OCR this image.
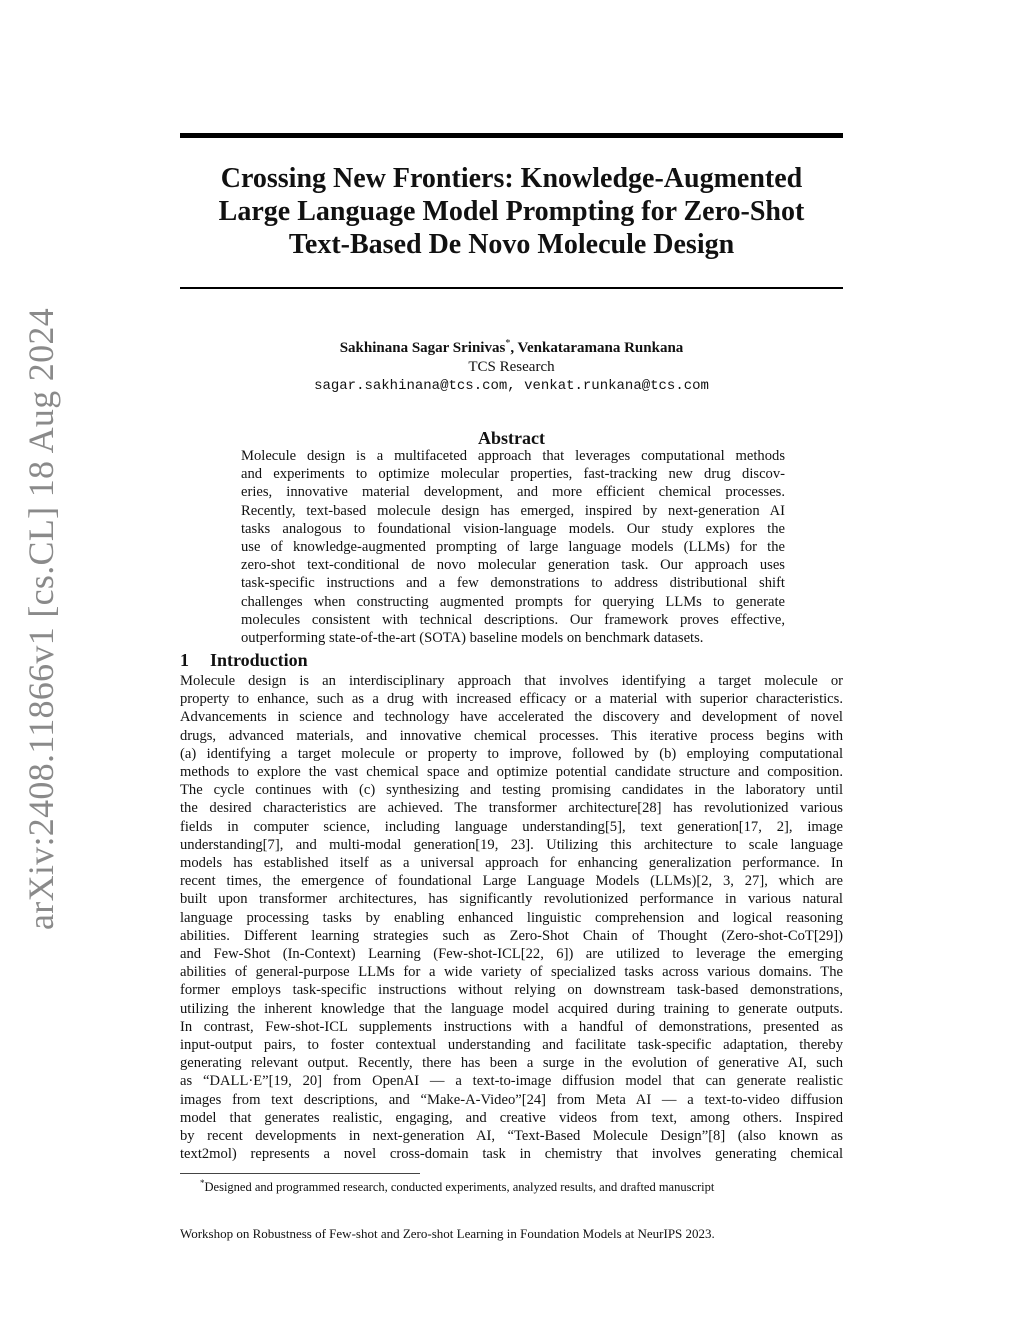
arXiv:2408.11866v1 [cs.CL] 18 Aug 2024
Crossing New Frontiers: Knowledge-Augmented
Large Language Model Prompting for Zero-Shot
Text-Based De Novo Molecule Design
Sakhinana Sagar Srinivas*, Venkataramana Runkana
TCS Research
sagar.sakhinana@tcs.com, venkat.runkana@tcs.com
Abstract
Molecule design is a multifaceted approach that leverages computational methods
and experiments to optimize molecular properties, fast-tracking new drug discov-
eries, innovative material development, and more efficient chemical processes.
Recently, text-based molecule design has emerged, inspired by next-generation AI
tasks analogous to foundational vision-language models. Our study explores the
use of knowledge-augmented prompting of large language models (LLMs) for the
zero-shot text-conditional de novo molecular generation task. Our approach uses
task-specific instructions and a few demonstrations to address distributional shift
challenges when constructing augmented prompts for querying LLMs to generate
molecules consistent with technical descriptions. Our framework proves effective,
outperforming state-of-the-art (SOTA) baseline models on benchmark datasets.
1 Introduction
Molecule design is an interdisciplinary approach that involves identifying a target molecule or
property to enhance, such as a drug with increased efficacy or a material with superior characteristics.
Advancements in science and technology have accelerated the discovery and development of novel
drugs, advanced materials, and innovative chemical processes. This iterative process begins with
(a) identifying a target molecule or property to improve, followed by (b) employing computational
methods to explore the vast chemical space and optimize potential candidate structure and composition.
The cycle continues with (c) synthesizing and testing promising candidates in the laboratory until
the desired characteristics are achieved. The transformer architecture[28] has revolutionized various
fields in computer science, including language understanding[5], text generation[17, 2], image
understanding[7], and multi-modal generation[19, 23]. Utilizing this architecture to scale language
models has established itself as a universal approach for enhancing generalization performance. In
recent times, the emergence of foundational Large Language Models (LLMs)[2, 3, 27], which are
built upon transformer architectures, has significantly revolutionized performance in various natural
language processing tasks by enabling enhanced linguistic comprehension and logical reasoning
abilities. Different learning strategies such as Zero-Shot Chain of Thought (Zero-shot-CoT[29])
and Few-Shot (In-Context) Learning (Few-shot-ICL[22, 6]) are utilized to leverage the emerging
abilities of general-purpose LLMs for a wide variety of specialized tasks across various domains. The
former employs task-specific instructions without relying on downstream task-based demonstrations,
utilizing the inherent knowledge that the language model acquired during training to generate outputs.
In contrast, Few-shot-ICL supplements instructions with a handful of demonstrations, presented as
input-output pairs, to foster contextual understanding and facilitate task-specific adaptation, thereby
generating relevant output. Recently, there has been a surge in the evolution of generative AI, such
as “DALL·E”[19, 20] from OpenAI — a text-to-image diffusion model that can generate realistic
images from text descriptions, and “Make-A-Video”[24] from Meta AI — a text-to-video diffusion
model that generates realistic, engaging, and creative videos from text, among others. Inspired
by recent developments in next-generation AI, “Text-Based Molecule Design”[8] (also known as
text2mol) represents a novel cross-domain task in chemistry that involves generating chemical
*Designed and programmed research, conducted experiments, analyzed results, and drafted manuscript
Workshop on Robustness of Few-shot and Zero-shot Learning in Foundation Models at NeurIPS 2023.
